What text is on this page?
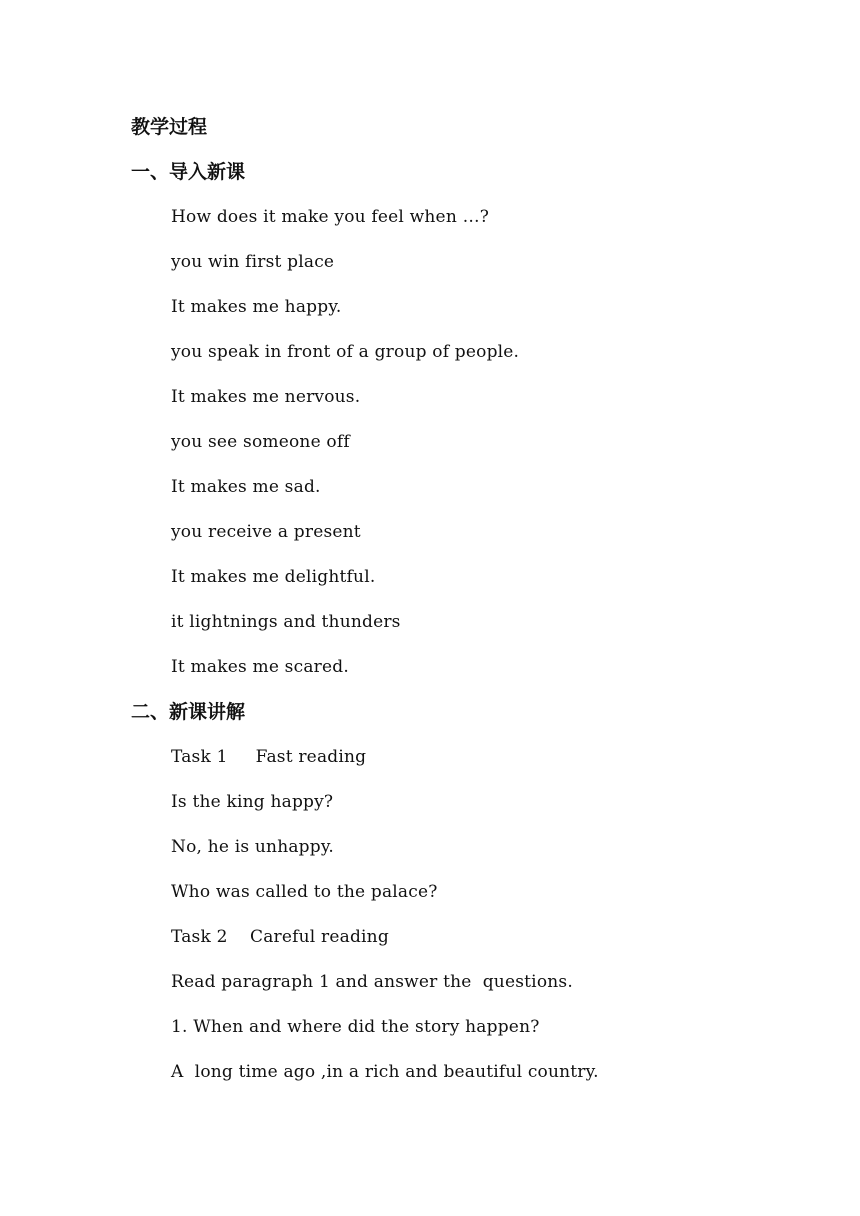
教学过程
一、导入新课
How does it make you feel when …?
you win first place
It makes me happy.
you speak in front of a group of people.
It makes me nervous.
you see someone off
It makes me sad.
you receive a present
It makes me delightful.
it lightnings and thunders
It makes me scared.
二、新课讲解
Task 1     Fast reading
Is the king happy?
No, he is unhappy.
Who was called to the palace?
Task 2    Careful reading
Read paragraph 1 and answer the  questions.
1. When and where did the story happen?
A  long time ago ,in a rich and beautiful country.
